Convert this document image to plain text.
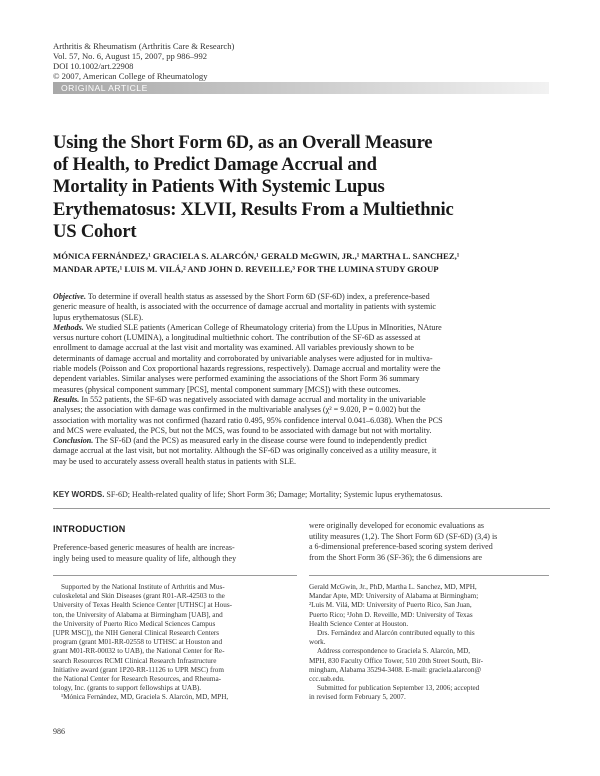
Arthritis & Rheumatism (Arthritis Care & Research)
Vol. 57, No. 6, August 15, 2007, pp 986–992
DOI 10.1002/art.22908
© 2007, American College of Rheumatology
ORIGINAL ARTICLE
Using the Short Form 6D, as an Overall Measure
of Health, to Predict Damage Accrual and
Mortality in Patients With Systemic Lupus
Erythematosus: XLVII, Results From a Multiethnic
US Cohort
MÓNICA FERNÁNDEZ,¹ GRACIELA S. ALARCÓN,¹ GERALD McGWIN, JR.,¹ MARTHA L. SANCHEZ,¹
MANDAR APTE,¹ LUIS M. VILÁ,² AND JOHN D. REVEILLE,³ FOR THE LUMINA STUDY GROUP
Objective. To determine if overall health status as assessed by the Short Form 6D (SF-6D) index, a preference-based
generic measure of health, is associated with the occurrence of damage accrual and mortality in patients with systemic
lupus erythematosus (SLE).
Methods. We studied SLE patients (American College of Rheumatology criteria) from the LUpus in MInorities, NAture
versus nurture cohort (LUMINA), a longitudinal multiethnic cohort. The contribution of the SF-6D as assessed at
enrollment to damage accrual at the last visit and mortality was examined. All variables previously shown to be
determinants of damage accrual and mortality and corroborated by univariable analyses were adjusted for in multiva-
riable models (Poisson and Cox proportional hazards regressions, respectively). Damage accrual and mortality were the
dependent variables. Similar analyses were performed examining the associations of the Short Form 36 summary
measures (physical component summary [PCS], mental component summary [MCS]) with these outcomes.
Results. In 552 patients, the SF-6D was negatively associated with damage accrual and mortality in the univariable
analyses; the association with damage was confirmed in the multivariable analyses (χ² = 9.020, P = 0.002) but the
association with mortality was not confirmed (hazard ratio 0.495, 95% confidence interval 0.041–6.038). When the PCS
and MCS were evaluated, the PCS, but not the MCS, was found to be associated with damage but not with mortality.
Conclusion. The SF-6D (and the PCS) as measured early in the disease course were found to independently predict
damage accrual at the last visit, but not mortality. Although the SF-6D was originally conceived as a utility measure, it
may be used to accurately assess overall health status in patients with SLE.
KEY WORDS. SF-6D; Health-related quality of life; Short Form 36; Damage; Mortality; Systemic lupus erythematosus.
INTRODUCTION
Preference-based generic measures of health are increas-
ingly being used to measure quality of life, although they
were originally developed for economic evaluations as
utility measures (1,2). The Short Form 6D (SF-6D) (3,4) is
a 6-dimensional preference-based scoring system derived
from the Short Form 36 (SF-36); the 6 dimensions are
Supported by the National Institute of Arthritis and Mus-
culoskeletal and Skin Diseases (grant R01-AR-42503 to the
University of Texas Health Science Center [UTHSC] at Hous-
ton, the University of Alabama at Birmingham [UAB], and
the University of Puerto Rico Medical Sciences Campus
[UPR MSC]), the NIH General Clinical Research Centers
program (grant M01-RR-02558 to UTHSC at Houston and
grant M01-RR-00032 to UAB), the National Center for Re-
search Resources RCMI Clinical Research Infrastructure
Initiative award (grant 1P20-RR-11126 to UPR MSC) from
the National Center for Research Resources, and Rheuma-
tology, Inc. (grants to support fellowships at UAB).
¹Mónica Fernández, MD, Graciela S. Alarcón, MD, MPH,
Gerald McGwin, Jr., PhD, Martha L. Sanchez, MD, MPH,
Mandar Apte, MD: University of Alabama at Birmingham;
²Luis M. Vilá, MD: University of Puerto Rico, San Juan,
Puerto Rico; ³John D. Reveille, MD: University of Texas
Health Science Center at Houston.
Drs. Fernández and Alarcón contributed equally to this
work.
Address correspondence to Graciela S. Alarcón, MD,
MPH, 830 Faculty Office Tower, 510 20th Street South, Bir-
mingham, Alabama 35294-3408. E-mail: graciela.alarcon@
ccc.uab.edu.
Submitted for publication September 13, 2006; accepted
in revised form February 5, 2007.
986
